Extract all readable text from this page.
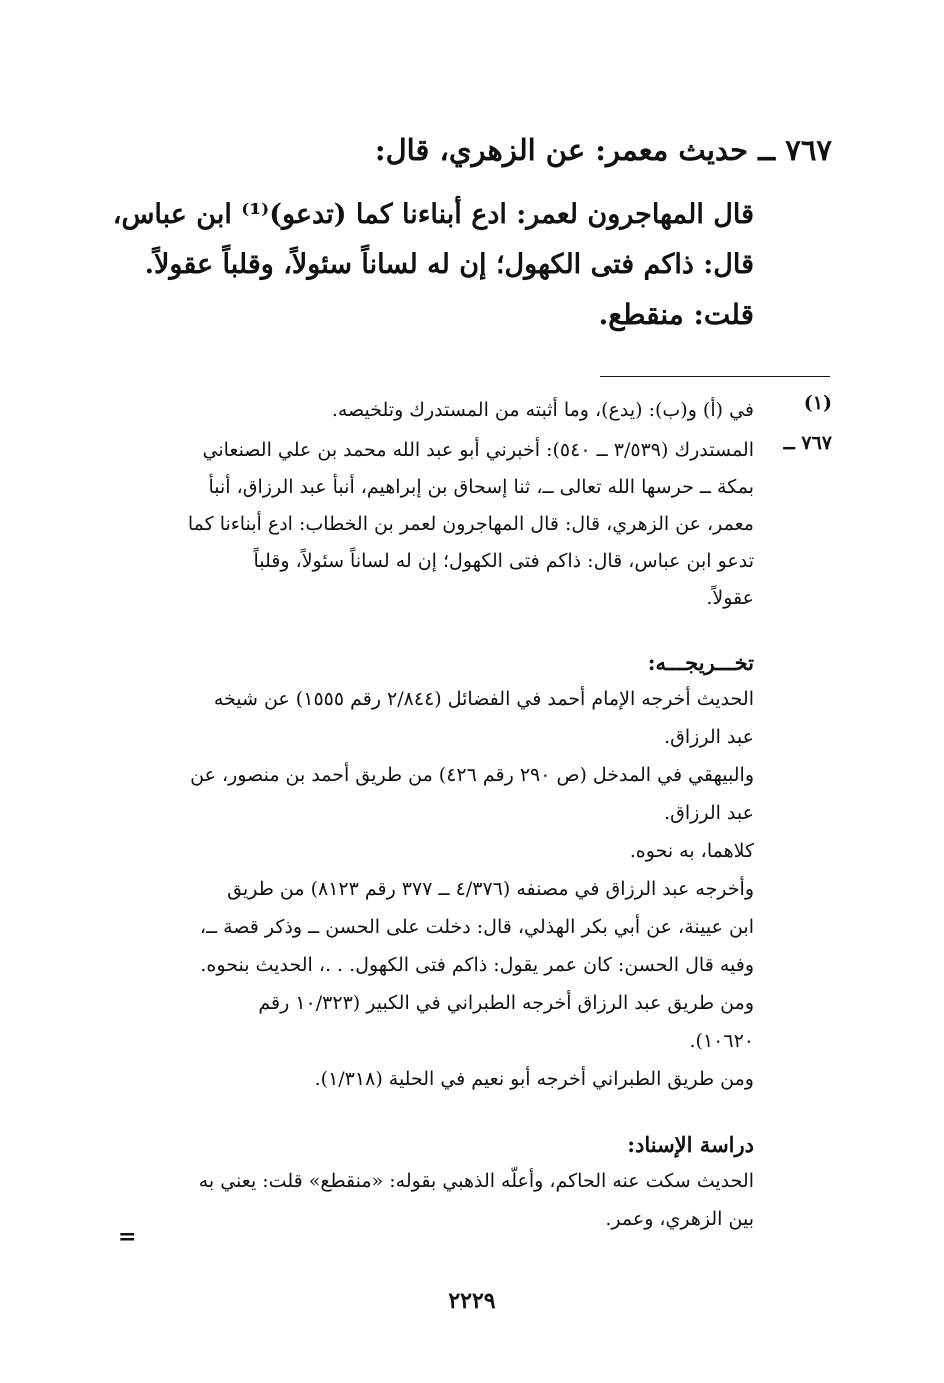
٧٦٧ ــ حديث معمر: عن الزهري، قال:

قال المهاجرون لعمر: ادع أبناءنا كما (تدعو)⁽¹⁾ ابن عباس،

قال: ذاكم فتى الكهول؛ إن له لساناً سئولاً، وقلباً عقولاً.

قلت: منقطع.
(١)

في (أ) و(ب): (يدع)، وما أثبته من المستدرك وتلخيصه.

٧٦٧ ــ

المستدرك (٣/٥٣٩ ــ ٥٤٠): أخبرني أبو عبد الله محمد بن علي الصنعاني

بمكة ــ حرسها الله تعالى ــ، ثنا إسحاق بن إبراهيم، أنبأ عبد الرزاق، أنبأ

معمر، عن الزهري، قال: قال المهاجرون لعمر بن الخطاب: ادع أبناءنا كما

تدعو ابن عباس، قال: ذاكم فتى الكهول؛ إن له لساناً سئولاً، وقلباً

عقولاً.

تخـــريجـــه:

الحديث أخرجه الإمام أحمد في الفضائل (٢/٨٤٤ رقم ١٥٥٥) عن شيخه

عبد الرزاق.

والبيهقي في المدخل (ص ٢٩٠ رقم ٤٢٦) من طريق أحمد بن منصور، عن

عبد الرزاق.

كلاهما، به نحوه.

وأخرجه عبد الرزاق في مصنفه (٤/٣٧٦ ــ ٣٧٧ رقم ٨١٢٣) من طريق

ابن عيينة، عن أبي بكر الهذلي، قال: دخلت على الحسن ــ وذكر قصة ــ،

وفيه قال الحسن: كان عمر يقول: ذاكم فتى الكهول. . .، الحديث بنحوه.

ومن طريق عبد الرزاق أخرجه الطبراني في الكبير (١٠/٣٢٣ رقم

١٠٦٢٠).

ومن طريق الطبراني أخرجه أبو نعيم في الحلية (١/٣١٨).

دراسة الإسناد:

الحديث سكت عنه الحاكم، وأعلّه الذهبي بقوله: «منقطع» قلت: يعني به

بين الزهري، وعمر.

=
٢٢٢٩
